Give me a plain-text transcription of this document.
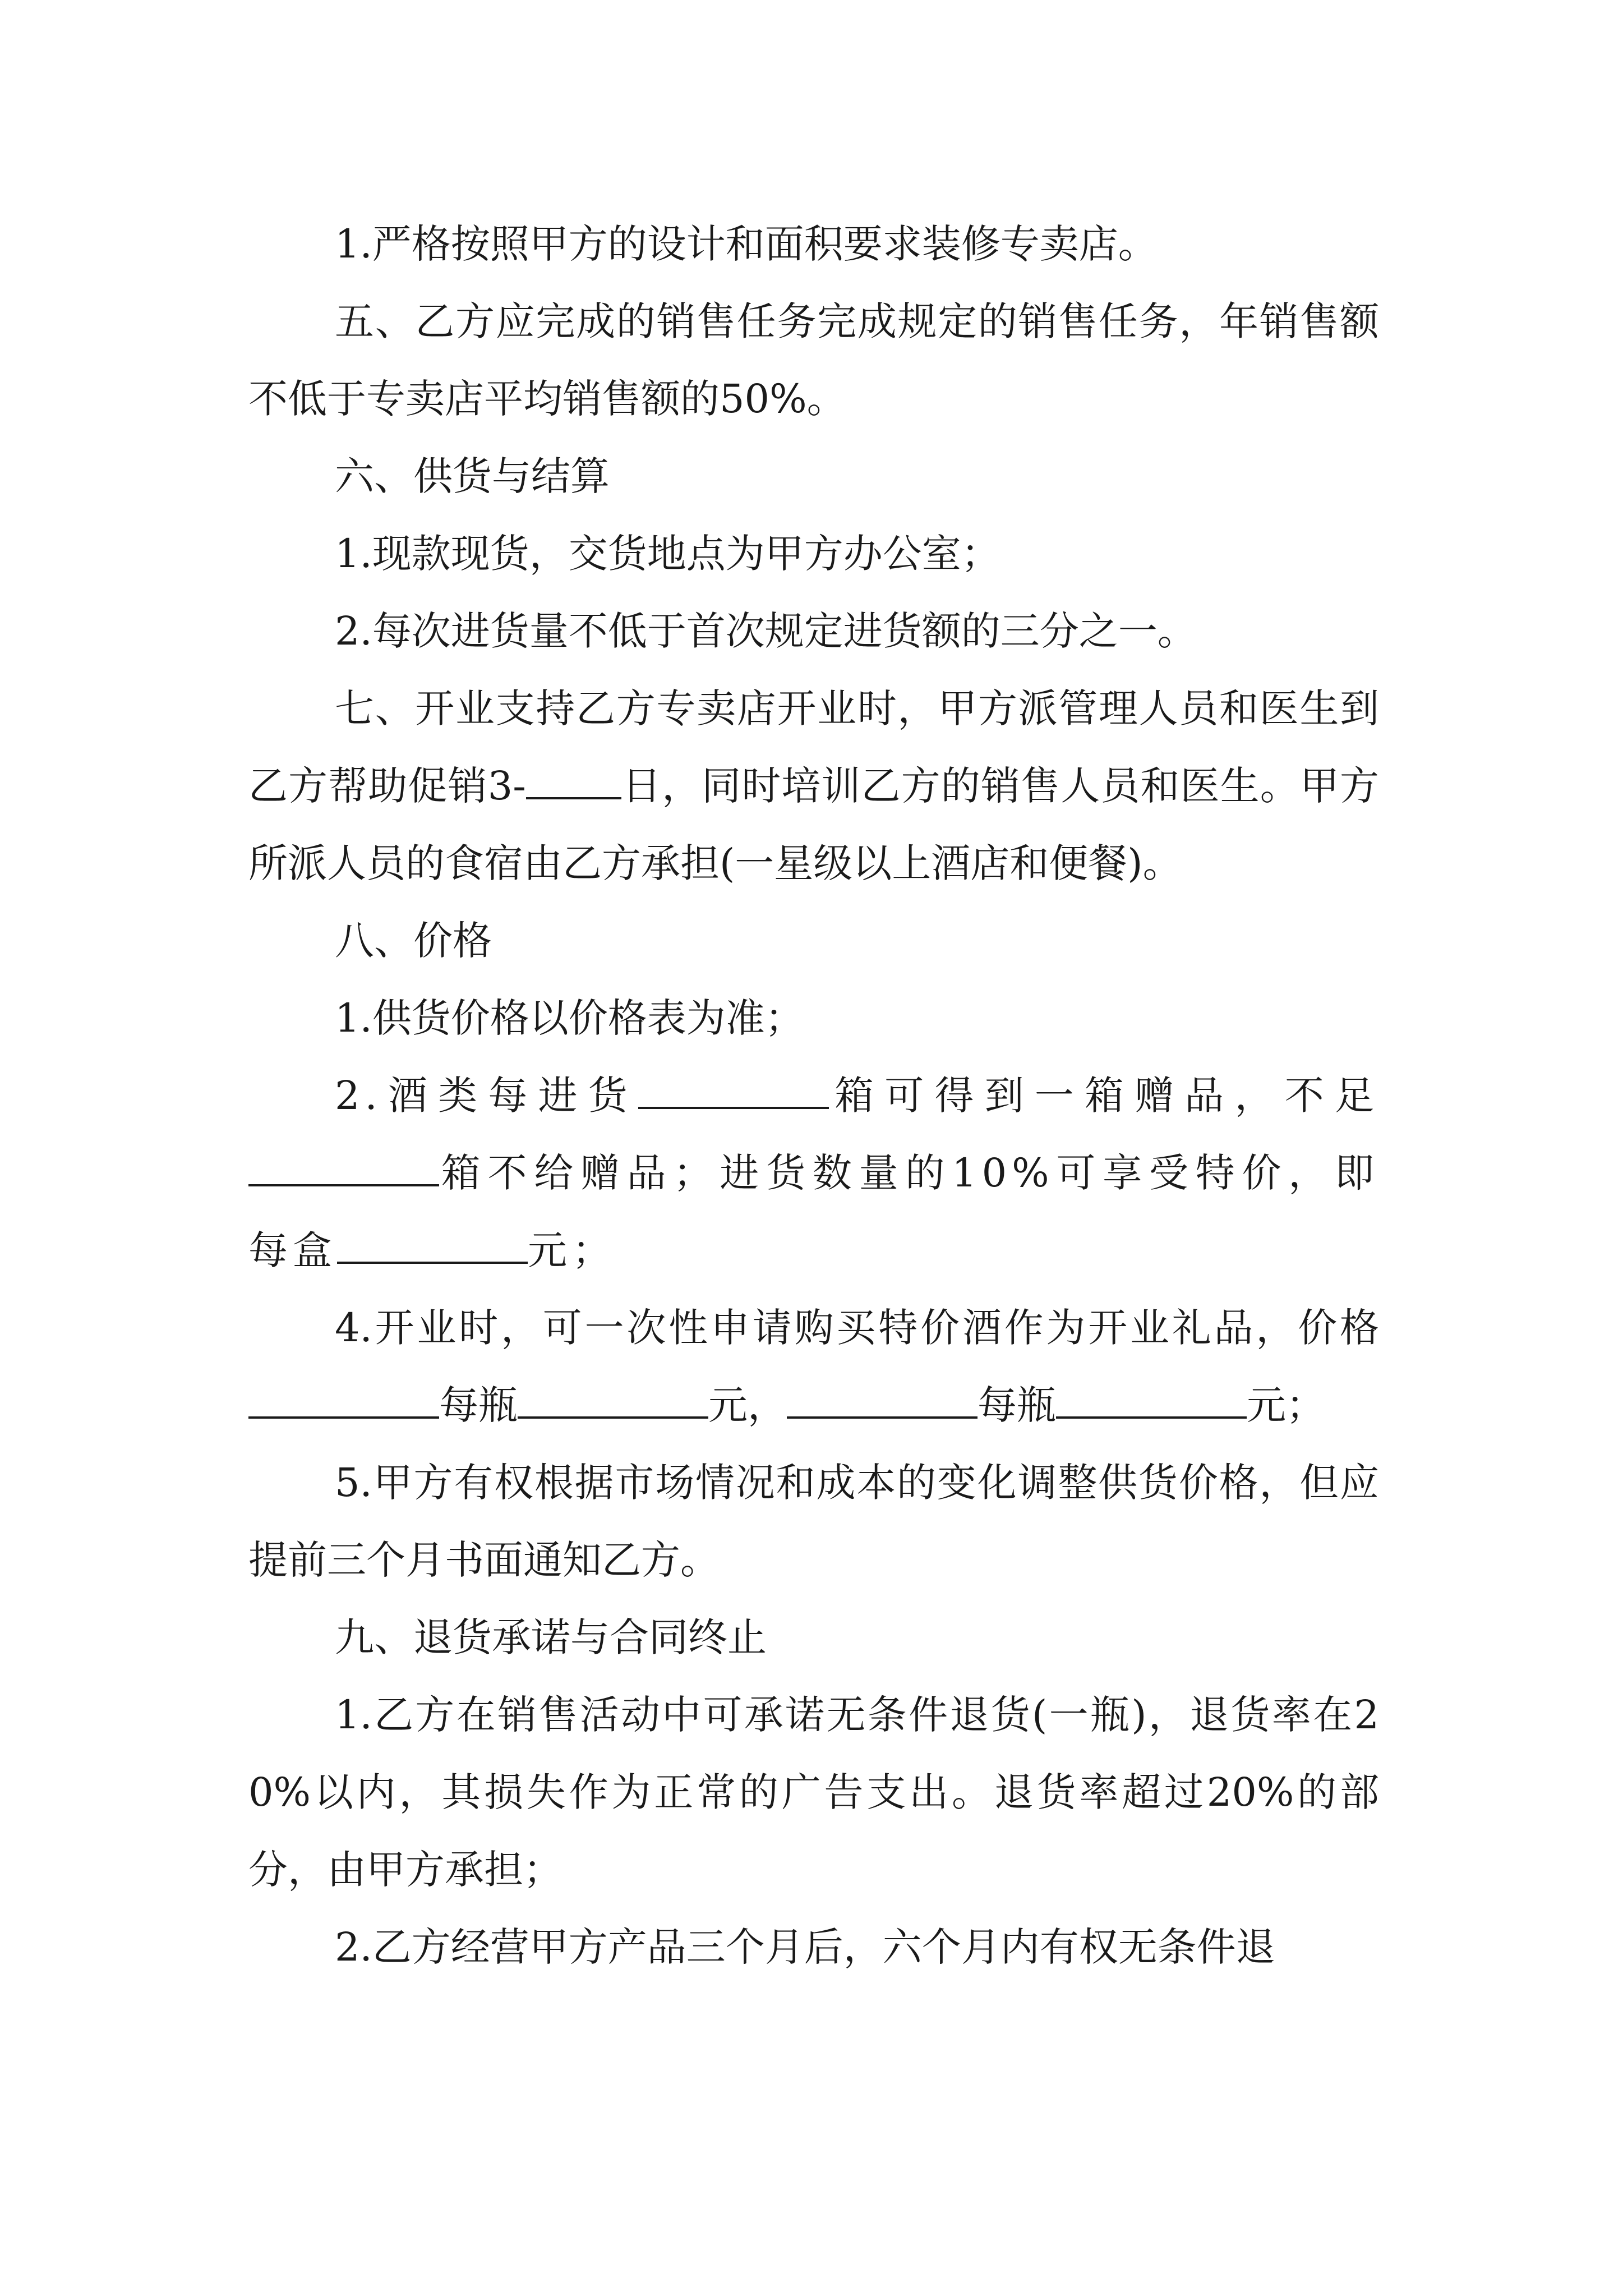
1.严格按照甲方的设计和面积要求装修专卖店。

五、乙方应完成的销售任务完成规定的销售任务，年销售额不低于专卖店平均销售额的50%。

六、供货与结算

1.现款现货，交货地点为甲方办公室；

2.每次进货量不低于首次规定进货额的三分之一。

七、开业支持乙方专卖店开业时，甲方派管理人员和医生到乙方帮助促销3- 日，同时培训乙方的销售人员和医生。甲方所派人员的食宿由乙方承担(一星级以上酒店和便餐)。

八、价格

1.供货价格以价格表为准；

2.酒类每进货	箱可得到一箱赠品，不足箱不给赠品；进货数量的10%可享受特价，即每盒	元；

4.开业时，可一次性申请购买特价酒作为开业礼品，价格每瓶	元，	每瓶	元；

5.甲方有权根据市场情况和成本的变化调整供货价格，但应提前三个月书面通知乙方。

九、退货承诺与合同终止

1.乙方在销售活动中可承诺无条件退货(一瓶)，退货率在20%以内，其损失作为正常的广告支出。退货率超过20%的部分，由甲方承担；

2.乙方经营甲方产品三个月后，六个月内有权无条件退
